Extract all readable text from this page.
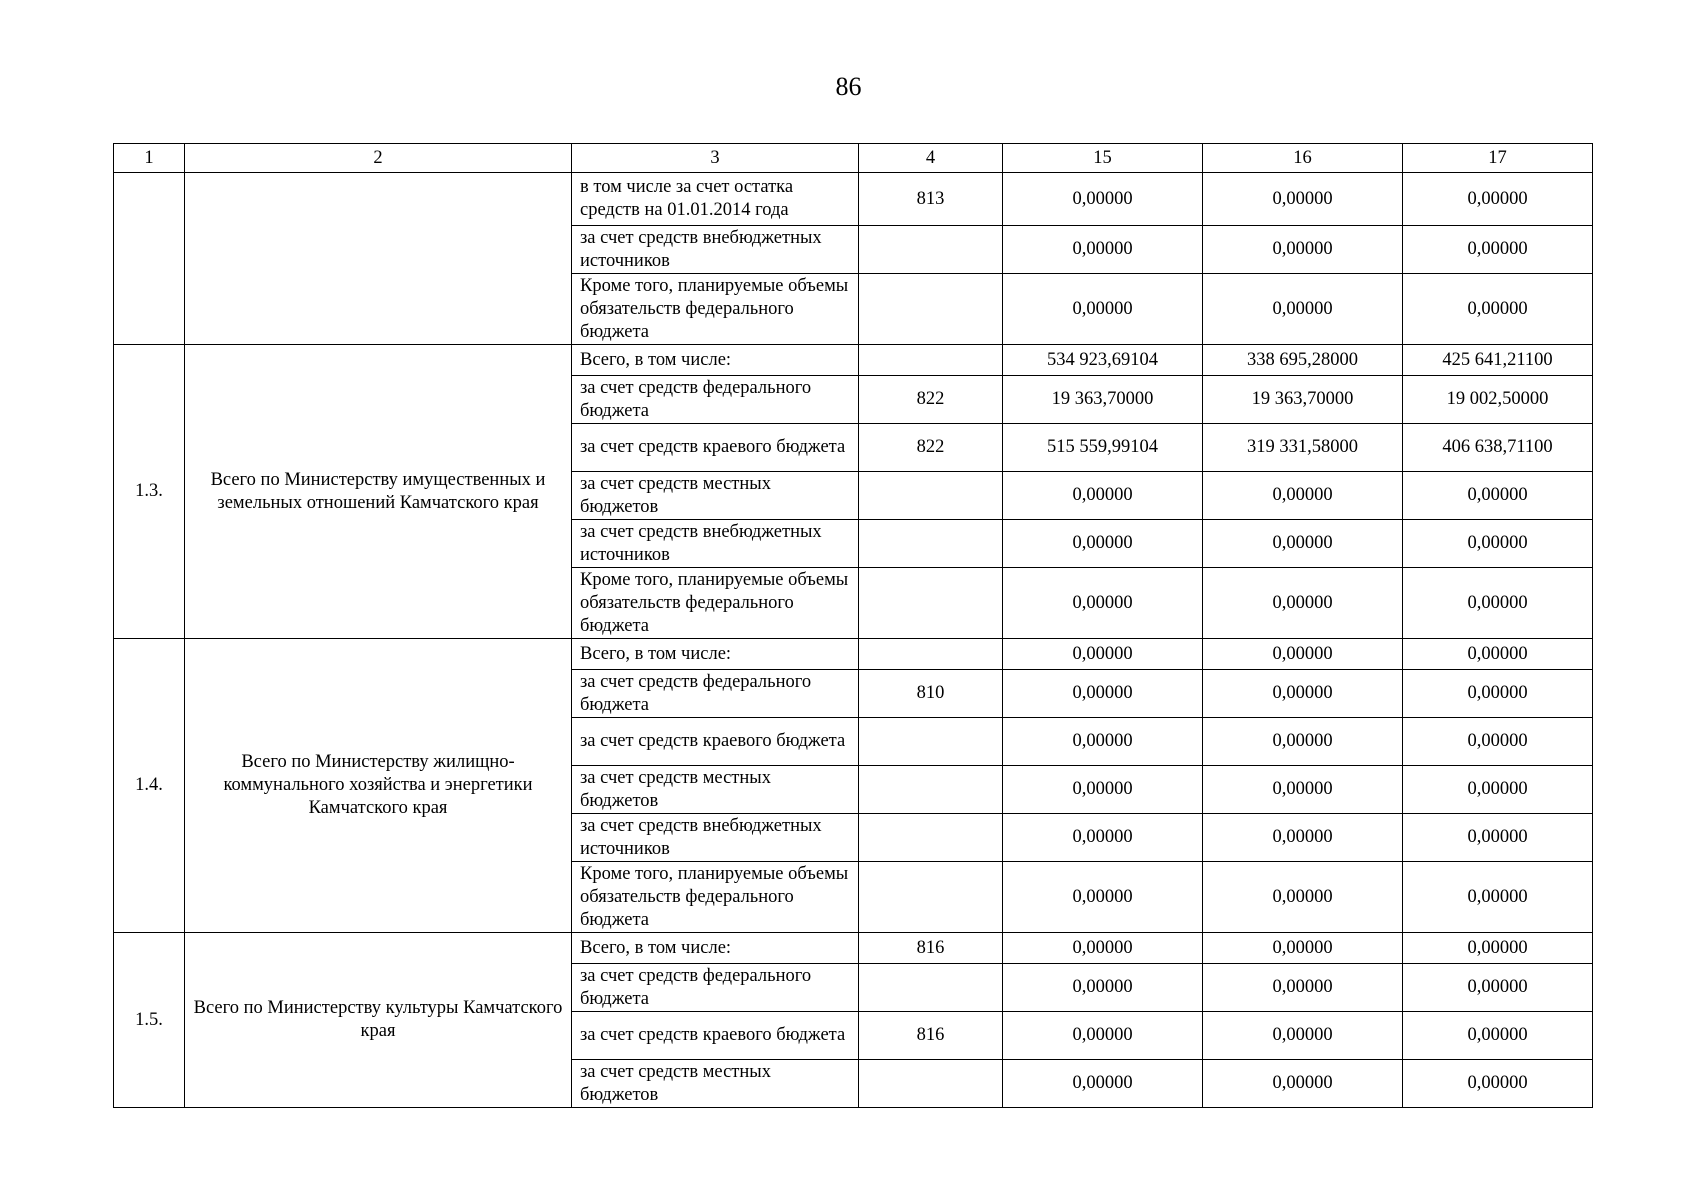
86
1	2	3	4	15	16	17
		в том числе за счет остатка средств на 01.01.2014 года	813	0,00000	0,00000	0,00000
		за счет средств внебюджетных источников		0,00000	0,00000	0,00000
		Кроме того, планируемые объемы обязательств федерального бюджета		0,00000	0,00000	0,00000
1.3.	Всего по Министерству имущественных и земельных отношений Камчатского края	Всего, в том числе:		534 923,69104	338 695,28000	425 641,21100
		за счет средств федерального бюджета	822	19 363,70000	19 363,70000	19 002,50000
		за счет средств краевого бюджета	822	515 559,99104	319 331,58000	406 638,71100
		за счет средств местных бюджетов		0,00000	0,00000	0,00000
		за счет средств внебюджетных источников		0,00000	0,00000	0,00000
		Кроме того, планируемые объемы обязательств федерального бюджета		0,00000	0,00000	0,00000
1.4.	Всего по Министерству жилищно-коммунального хозяйства и энергетики Камчатского края	Всего, в том числе:		0,00000	0,00000	0,00000
		за счет средств федерального бюджета	810	0,00000	0,00000	0,00000
		за счет средств краевого бюджета		0,00000	0,00000	0,00000
		за счет средств местных бюджетов		0,00000	0,00000	0,00000
		за счет средств внебюджетных источников		0,00000	0,00000	0,00000
		Кроме того, планируемые объемы обязательств федерального бюджета		0,00000	0,00000	0,00000
1.5.	Всего по Министерству культуры Камчатского края	Всего, в том числе:	816	0,00000	0,00000	0,00000
		за счет средств федерального бюджета		0,00000	0,00000	0,00000
		за счет средств краевого бюджета	816	0,00000	0,00000	0,00000
		за счет средств местных бюджетов		0,00000	0,00000	0,00000
